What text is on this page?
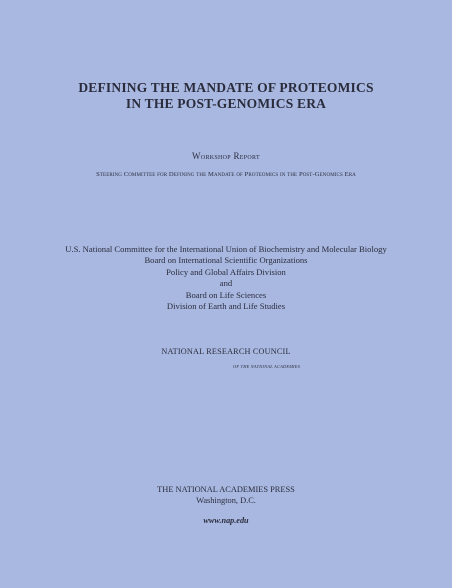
DEFINING THE MANDATE OF PROTEOMICS
IN THE POST-GENOMICS ERA
Workshop Report
Steering Committee for Defining the Mandate of Proteomics in the Post-Genomics Era
U.S. National Committee for the International Union of Biochemistry and Molecular Biology
Board on International Scientific Organizations
Policy and Global Affairs Division
and
Board on Life Sciences
Division of Earth and Life Studies
NATIONAL RESEARCH COUNCIL
OF THE NATIONAL ACADEMIES
THE NATIONAL ACADEMIES PRESS
Washington, D.C.
www.nap.edu
